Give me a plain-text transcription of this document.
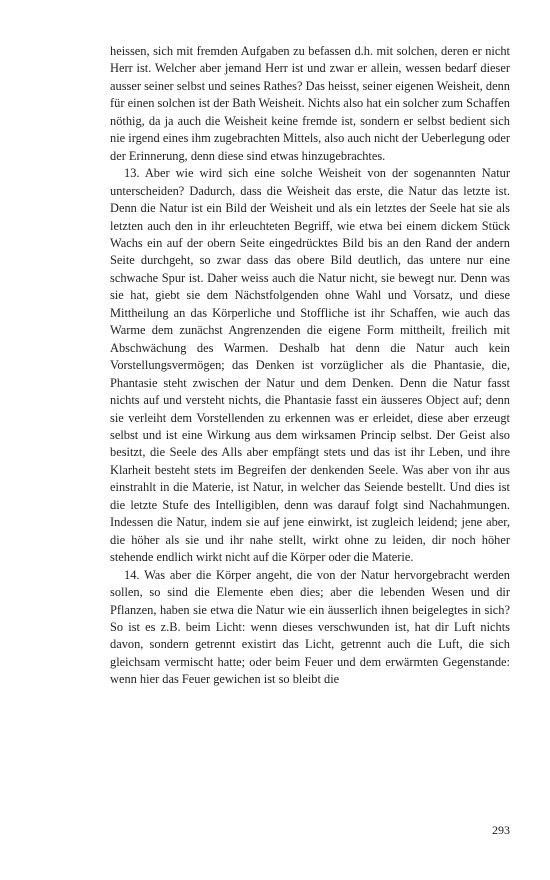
heissen, sich mit fremden Aufgaben zu befassen d.h. mit solchen, deren er nicht Herr ist. Welcher aber jemand Herr ist und zwar er allein, wessen bedarf dieser ausser seiner selbst und seines Rathes? Das heisst, seiner eigenen Weisheit, denn für einen solchen ist der Bath Weisheit. Nichts also hat ein solcher zum Schaffen nöthig, da ja auch die Weisheit keine fremde ist, sondern er selbst bedient sich nie irgend eines ihm zugebrachten Mittels, also auch nicht der Ueberlegung oder der Erinnerung, denn diese sind etwas hinzugebrachtes.

13. Aber wie wird sich eine solche Weisheit von der sogenannten Natur unterscheiden? Dadurch, dass die Weisheit das erste, die Natur das letzte ist. Denn die Natur ist ein Bild der Weisheit und als ein letztes der Seele hat sie als letzten auch den in ihr erleuchteten Begriff, wie etwa bei einem dickem Stück Wachs ein auf der obern Seite eingedrücktes Bild bis an den Rand der andern Seite durchgeht, so zwar dass das obere Bild deutlich, das untere nur eine schwache Spur ist. Daher weiss auch die Natur nicht, sie bewegt nur. Denn was sie hat, giebt sie dem Nächstfolgenden ohne Wahl und Vorsatz, und diese Mittheilung an das Körperliche und Stoffliche ist ihr Schaffen, wie auch das Warme dem zunächst Angrenzenden die eigene Form mittheilt, freilich mit Abschwächung des Warmen. Deshalb hat denn die Natur auch kein Vorstellungsvermögen; das Denken ist vorzüglicher als die Phantasie, die, Phantasie steht zwischen der Natur und dem Denken. Denn die Natur fasst nichts auf und versteht nichts, die Phantasie fasst ein äusseres Object auf; denn sie verleiht dem Vorstellenden zu erkennen was er erleidet, diese aber erzeugt selbst und ist eine Wirkung aus dem wirksamen Princip selbst. Der Geist also besitzt, die Seele des Alls aber empfängt stets und das ist ihr Leben, und ihre Klarheit besteht stets im Begreifen der denkenden Seele. Was aber von ihr aus einstrahlt in die Materie, ist Natur, in welcher das Seiende bestellt. Und dies ist die letzte Stufe des Intelligiblen, denn was darauf folgt sind Nachahmungen. Indessen die Natur, indem sie auf jene einwirkt, ist zugleich leidend; jene aber, die höher als sie und ihr nahe stellt, wirkt ohne zu leiden, dir noch höher stehende endlich wirkt nicht auf die Körper oder die Materie.

14. Was aber die Körper angeht, die von der Natur hervorgebracht werden sollen, so sind die Elemente eben dies; aber die lebenden Wesen und dir Pflanzen, haben sie etwa die Natur wie ein äusserlich ihnen beigelegtes in sich? So ist es z.B. beim Licht: wenn dieses verschwunden ist, hat dir Luft nichts davon, sondern getrennt existirt das Licht, getrennt auch die Luft, die sich gleichsam vermischt hatte; oder beim Feuer und dem erwärmten Gegenstande: wenn hier das Feuer gewichen ist so bleibt die

293
